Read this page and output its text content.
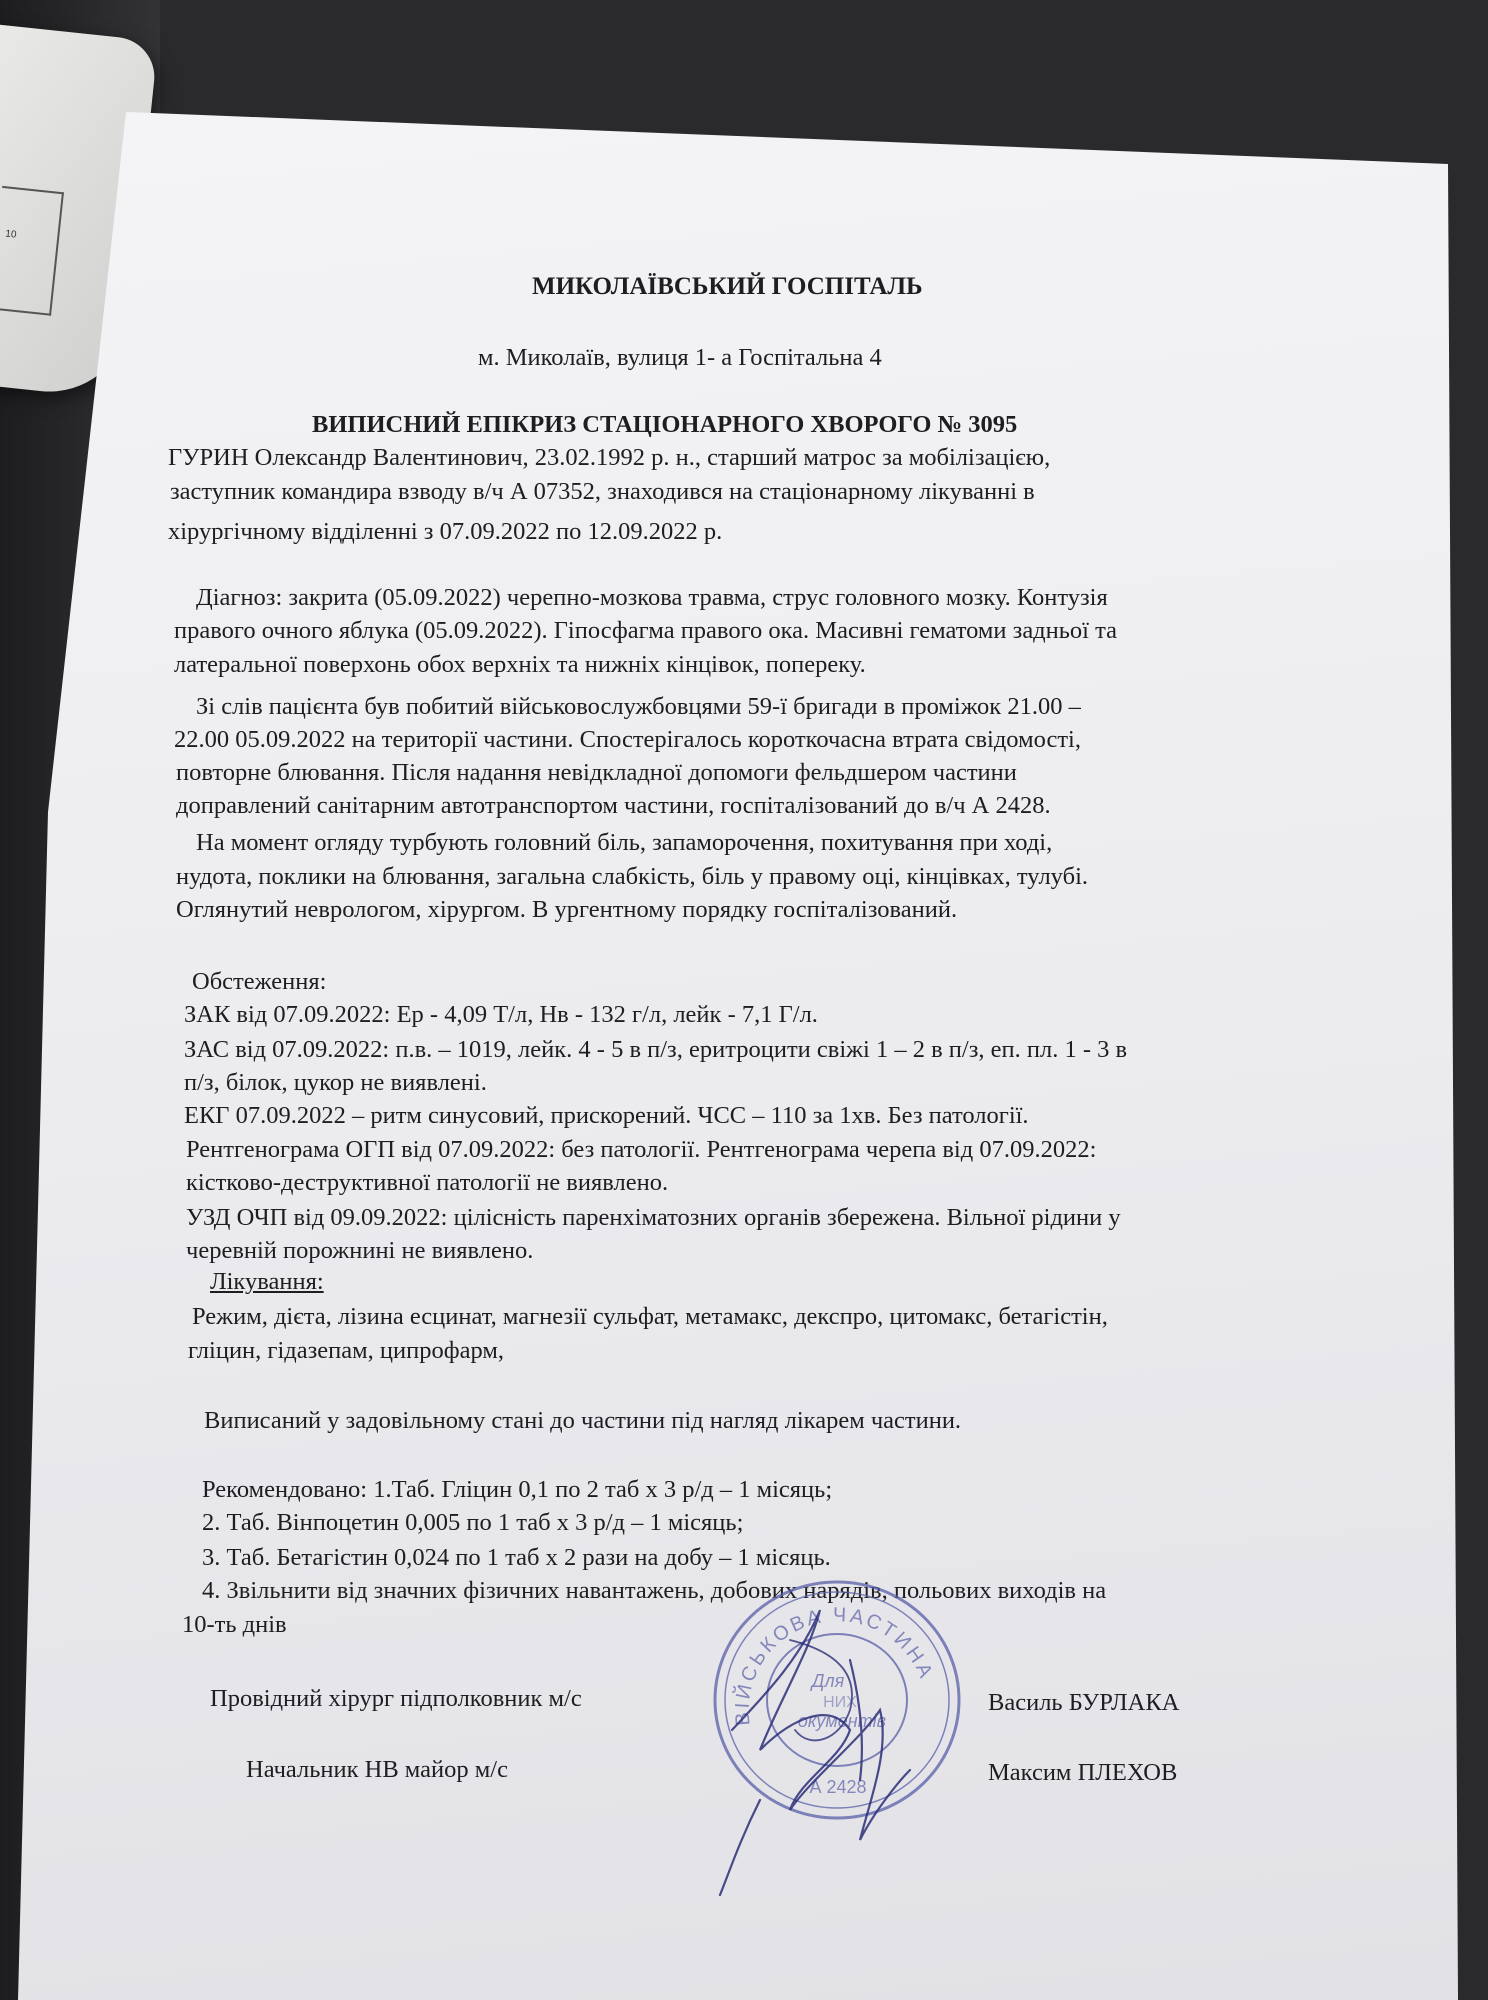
10
МИКОЛАЇВСЬКИЙ ГОСПІТАЛЬ
м. Миколаїв, вулиця 1- а Госпітальна 4
ВИПИСНИЙ ЕПІКРИЗ СТАЦІОНАРНОГО ХВОРОГО № 3095
ГУРИН Олександр Валентинович, 23.02.1992 р. н., старший матрос за мобілізацією,
заступник командира взводу в/ч А 07352, знаходився на стаціонарному лікуванні в
хірургічному відділенні з 07.09.2022 по 12.09.2022 р.
Діагноз: закрита (05.09.2022) черепно-мозкова травма, струс головного мозку. Контузія
правого очного яблука (05.09.2022). Гіпосфагма правого ока. Масивні гематоми задньої та
латеральної поверхонь обох верхніх та нижніх кінцівок, попереку.
Зі слів пацієнта був побитий військовослужбовцями 59-ї бригади в проміжок 21.00 –
22.00 05.09.2022 на території частини. Спостерігалось короткочасна втрата свідомості,
повторне блювання. Після надання невідкладної допомоги фельдшером частини
доправлений санітарним автотранспортом частини, госпіталізований до в/ч А 2428.
На момент огляду турбують головний біль, запаморочення, похитування при ході,
нудота, поклики на блювання, загальна слабкість, біль у правому оці, кінцівках, тулубі.
Оглянутий неврологом, хірургом. В ургентному порядку госпіталізований.
Обстеження:
ЗАК від 07.09.2022: Ер - 4,09 Т/л, Нв - 132 г/л, лейк - 7,1 Г/л.
ЗАС від 07.09.2022: п.в. – 1019, лейк. 4 - 5 в п/з, еритроцити свіжі 1 – 2 в п/з, еп. пл. 1 - 3 в
п/з, білок, цукор не виявлені.
ЕКГ 07.09.2022 – ритм синусовий, прискорений. ЧСС – 110 за 1хв. Без патології.
Рентгенограма ОГП від 07.09.2022: без патології. Рентгенограма черепа від 07.09.2022:
кістково-деструктивної патології не виявлено.
УЗД ОЧП від 09.09.2022: цілісність паренхіматозних органів збережена. Вільної рідини у
черевній порожнині не виявлено.
Лікування:
Режим, дієта, лізина есцинат, магнезії сульфат, метамакс, декспро, цитомакс, бетагістін,
гліцин, гідазепам, ципрофарм,
Виписаний у задовільному стані до частини під нагляд лікарем частини.
Рекомендовано: 1.Таб. Гліцин 0,1 по 2 таб х 3 р/д – 1 місяць;
2. Таб. Вінпоцетин 0,005 по 1 таб х 3 р/д – 1 місяць;
3. Таб. Бетагістин 0,024 по 1 таб х 2 рази на добу – 1 місяць.
4. Звільнити від значних фізичних навантажень, добових нарядів, польових виходів на
10-ть днів
Провідний хірург підполковник м/с	Василь БУРЛАКА
Начальник НВ майор м/с	Максим ПЛЕХОВ
ВІЙСЬКОВА ЧАСТИНА
Для
НИХ
окументів
А 2428
